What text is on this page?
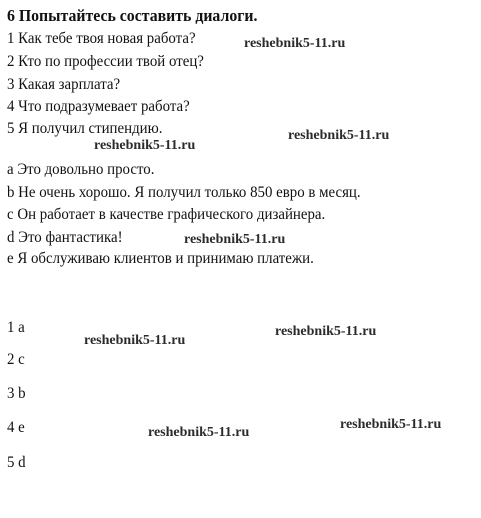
6 Попытайтесь составить диалоги.
1 Как тебе твоя новая работа?
2 Кто по профессии твой отец?
3 Какая зарплата?
4 Что подразумевает работа?
5 Я получил стипендию.
a Это довольно просто.
b Не очень хорошо. Я получил только 850 евро в месяц.
c Он работает в качестве графического дизайнера.
d Это фантастика!
e Я обслуживаю клиентов и принимаю платежи.
1 a
2 c
3 b
4 e
5 d
reshebnik5-11.ru
reshebnik5-11.ru
reshebnik5-11.ru
reshebnik5-11.ru
reshebnik5-11.ru
reshebnik5-11.ru
reshebnik5-11.ru
reshebnik5-11.ru
